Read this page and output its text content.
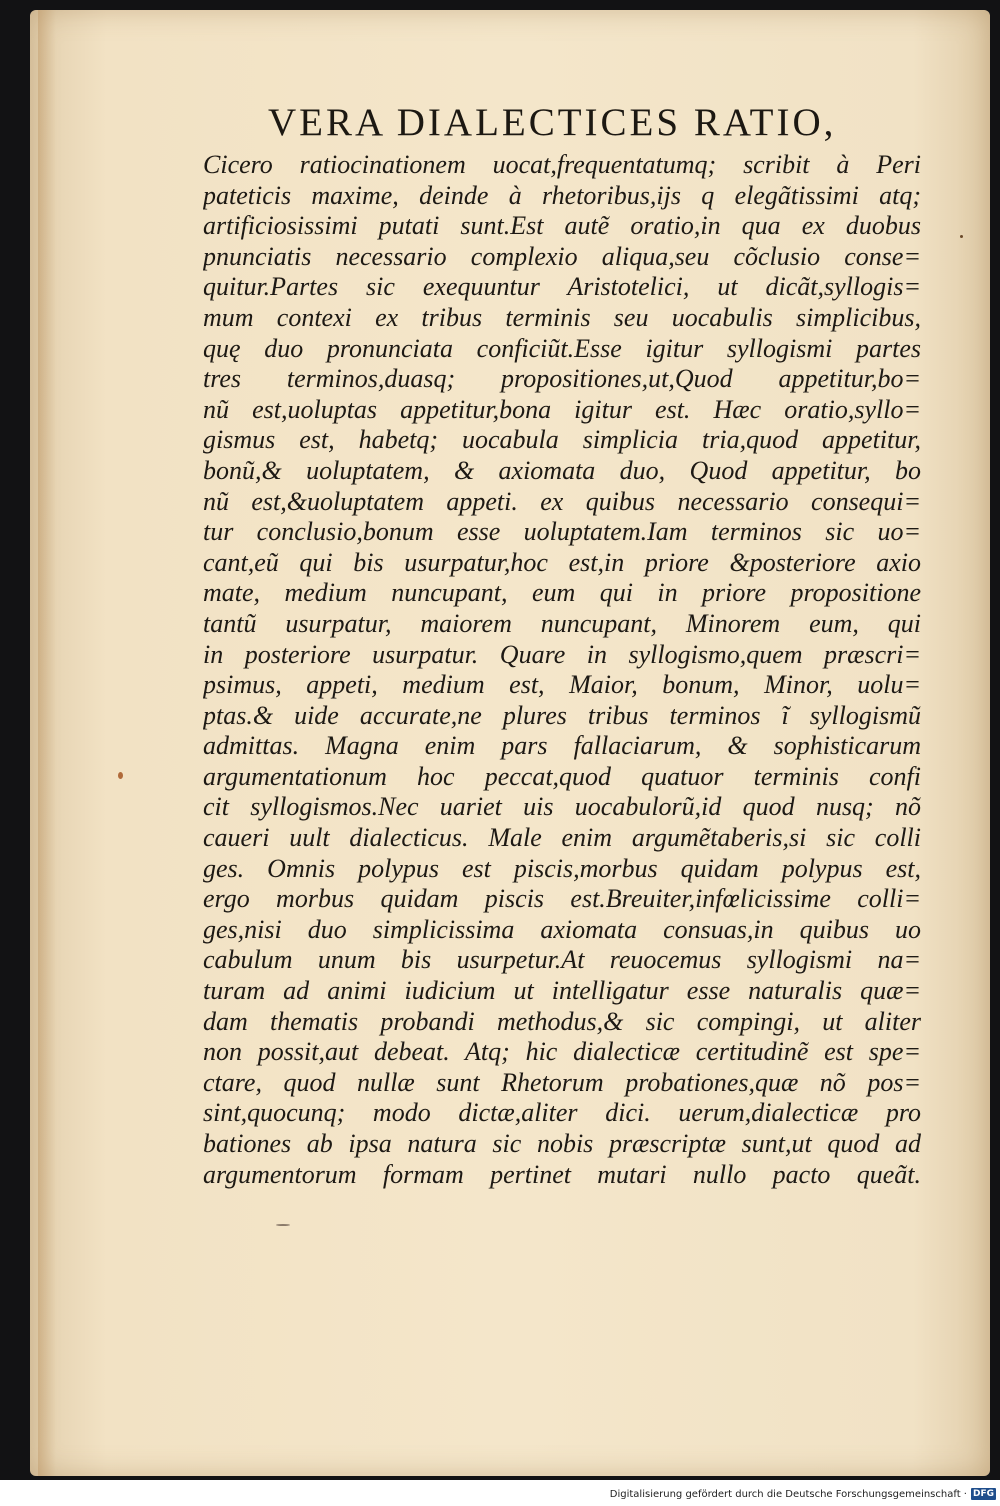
VERA DIALECTICES RATIO,
Cicero ratiocinationem uocat,frequentatumq; scribit à Peri
pateticis maxime, deinde à rhetoribus,ijs q elegãtissimi atq;
artificiosissimi putati sunt.Est autẽ oratio,in qua ex duobus
pnunciatis necessario complexio aliqua,seu cõclusio conse=
quitur.Partes sic exequuntur Aristotelici, ut dicãt,syllogis=
mum contexi ex tribus terminis seu uocabulis simplicibus,
quę duo pronunciata conficiũt.Esse igitur syllogismi partes
tres terminos,duasq; propositiones,ut,Quod appetitur,bo=
nũ est,uoluptas appetitur,bona igitur est. Hæc oratio,syllo=
gismus est, habetq; uocabula simplicia tria,quod appetitur,
bonũ,& uoluptatem, & axiomata duo, Quod appetitur, bo
nũ est,&uoluptatem appeti. ex quibus necessario consequi=
tur conclusio,bonum esse uoluptatem.Iam terminos sic uo=
cant,eũ qui bis usurpatur,hoc est,in priore &posteriore axio
mate, medium nuncupant, eum qui in priore propositione
tantũ usurpatur, maiorem nuncupant, Minorem eum, qui
in posteriore usurpatur. Quare in syllogismo,quem præscri=
psimus, appeti, medium est, Maior, bonum, Minor, uolu=
ptas.& uide accurate,ne plures tribus terminos ĩ syllogismũ
admittas. Magna enim pars fallaciarum, & sophisticarum
argumentationum hoc peccat,quod quatuor terminis confi
cit syllogismos.Nec uariet uis uocabulorũ,id quod nusq; nõ
caueri uult dialecticus. Male enim argumẽtaberis,si sic colli
ges. Omnis polypus est piscis,morbus quidam polypus est,
ergo morbus quidam piscis est.Breuiter,infœlicissime colli=
ges,nisi duo simplicissima axiomata consuas,in quibus uo
cabulum unum bis usurpetur.At reuocemus syllogismi na=
turam ad animi iudicium ut intelligatur esse naturalis quæ=
dam thematis probandi methodus,& sic compingi, ut aliter
non possit,aut debeat. Atq; hic dialecticæ certitudinẽ est spe=
ctare, quod nullæ sunt Rhetorum probationes,quæ nõ pos=
sint,quocunq; modo dictæ,aliter dici. uerum,dialecticæ pro
bationes ab ipsa natura sic nobis præscriptæ sunt,ut quod ad
argumentorum formam pertinet mutari nullo pacto queãt.
Digitalisierung gefördert durch die Deutsche Forschungsgemeinschaft · DFG
